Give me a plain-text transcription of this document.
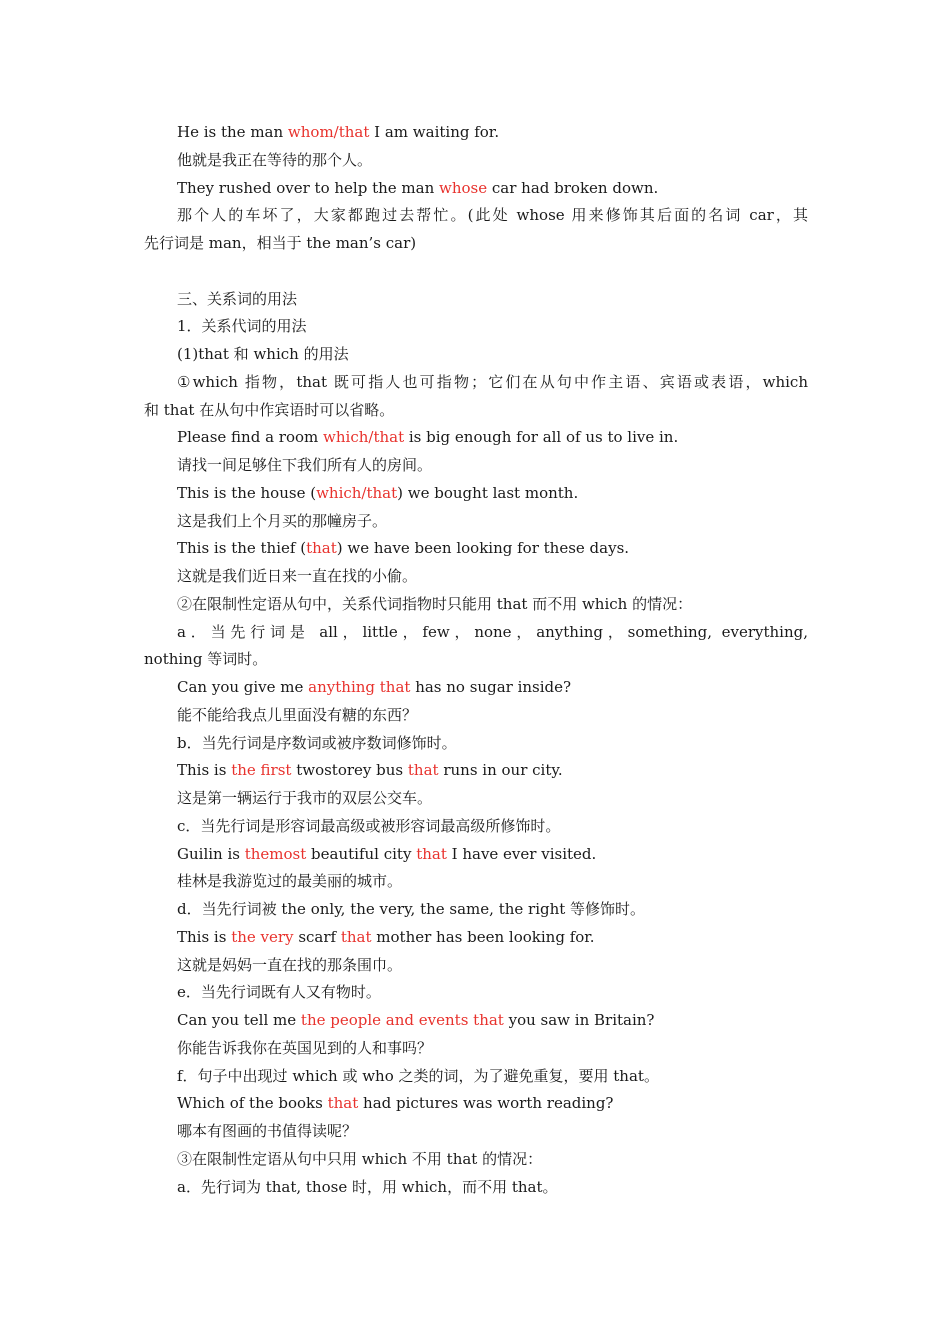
He is the man whom/that I am waiting for.
他就是我正在等待的那个人。
They rushed over to help the man whose car had broken down.
那个人的车坏了，大家都跑过去帮忙。(此处 whose 用来修饰其后面的名词 car，其
先行词是 man，相当于 the man’s car)
三、关系词的用法
1．关系代词的用法
(1)that 和 which 的用法
①which 指物，that 既可指人也可指物；它们在从句中作主语、宾语或表语，which
和 that 在从句中作宾语时可以省略。
Please find a room which/that is big enough for all of us to live in.
请找一间足够住下我们所有人的房间。
This is the house (which/that) we bought last month.
这是我们上个月买的那幢房子。
This is the thief (that) we have been looking for these days.
这就是我们近日来一直在找的小偷。
②在限制性定语从句中，关系代词指物时只能用 that 而不用 which 的情况：
a．当先行词是 all，little，few，none，anything，something, everything,
nothing 等词时。
Can you give me anything that has no sugar inside?
能不能给我点儿里面没有糖的东西？
b．当先行词是序数词或被序数词修饰时。
This is the first twostorey bus that runs in our city.
这是第一辆运行于我市的双层公交车。
c．当先行词是形容词最高级或被形容词最高级所修饰时。
Guilin is themost beautiful city that I have ever visited.
桂林是我游览过的最美丽的城市。
d．当先行词被 the only, the very, the same, the right 等修饰时。
This is the very scarf that mother has been looking for.
这就是妈妈一直在找的那条围巾。
e．当先行词既有人又有物时。
Can you tell me the people and events that you saw in Britain?
你能告诉我你在英国见到的人和事吗？
f．句子中出现过 which 或 who 之类的词，为了避免重复，要用 that。
Which of the books that had pictures was worth reading?
哪本有图画的书值得读呢？
③在限制性定语从句中只用 which 不用 that 的情况：
a．先行词为 that, those 时，用 which，而不用 that。
